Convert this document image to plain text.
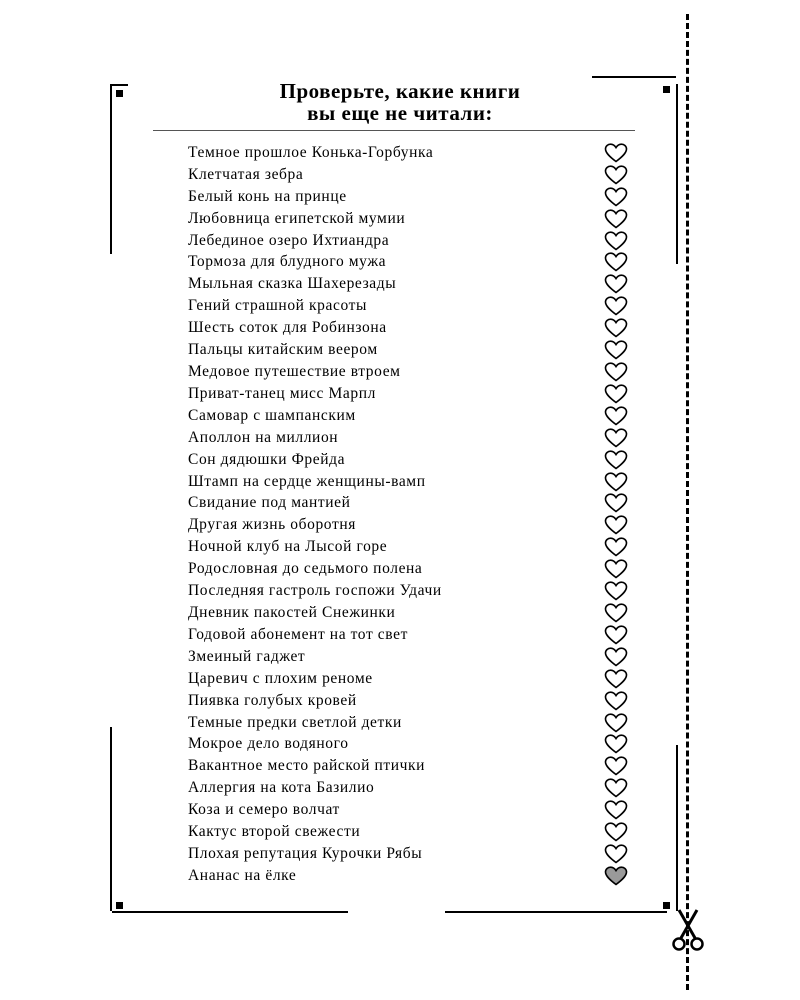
Проверьте, какие книги
вы еще не читали:
Темное прошлое Конька-Горбунка
Клетчатая зебра
Белый конь на принце
Любовница египетской мумии
Лебединое озеро Ихтиандра
Тормоза для блудного мужа
Мыльная сказка Шахерезады
Гений страшной красоты
Шесть соток для Робинзона
Пальцы китайским веером
Медовое путешествие втроем
Приват-танец мисс Марпл
Самовар с шампанским
Аполлон на миллион
Сон дядюшки Фрейда
Штамп на сердце женщины-вамп
Свидание под мантией
Другая жизнь оборотня
Ночной клуб на Лысой горе
Родословная до седьмого полена
Последняя гастроль госпожи Удачи
Дневник пакостей Снежинки
Годовой абонемент на тот свет
Змеиный гаджет
Царевич с плохим реноме
Пиявка голубых кровей
Темные предки светлой детки
Мокрое дело водяного
Вакантное место райской птички
Аллергия на кота Базилио
Коза и семеро волчат
Кактус второй свежести
Плохая репутация Курочки Рябы
Ананас на ёлке
